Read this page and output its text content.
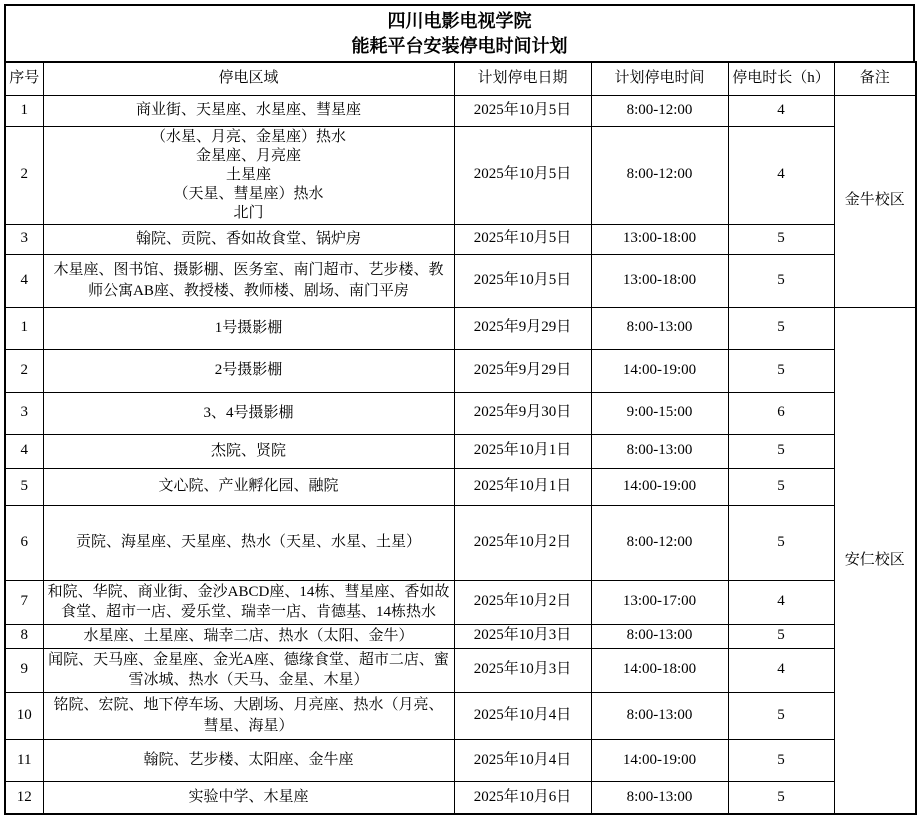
四川电影电视学院
能耗平台安装停电时间计划
序号	停电区域	计划停电日期	计划停电时间	停电时长（h）	备注
1	商业街、天星座、水星座、彗星座	2025年10月5日	8:00-12:00	4	金牛校区
2	（水星、月亮、金星座）热水
金星座、月亮座
土星座
（天星、彗星座）热水
北门	2025年10月5日	8:00-12:00	4	
3	翰院、贡院、香如故食堂、锅炉房	2025年10月5日	13:00-18:00	5	
4	木星座、图书馆、摄影棚、医务室、南门超市、艺步楼、教师公寓AB座、教授楼、教师楼、剧场、南门平房	2025年10月5日	13:00-18:00	5	
1	1号摄影棚	2025年9月29日	8:00-13:00	5	安仁校区
2	2号摄影棚	2025年9月29日	14:00-19:00	5	
3	3、4号摄影棚	2025年9月30日	9:00-15:00	6	
4	杰院、贤院	2025年10月1日	8:00-13:00	5	
5	文心院、产业孵化园、融院	2025年10月1日	14:00-19:00	5	
6	贡院、海星座、天星座、热水（天星、水星、土星）	2025年10月2日	8:00-12:00	5	
7	和院、华院、商业街、金沙ABCD座、14栋、彗星座、香如故食堂、超市一店、爱乐堂、瑞幸一店、肯德基、14栋热水	2025年10月2日	13:00-17:00	4	
8	水星座、土星座、瑞幸二店、热水（太阳、金牛）	2025年10月3日	8:00-13:00	5	
9	闻院、天马座、金星座、金光A座、德缘食堂、超市二店、蜜雪冰城、热水（天马、金星、木星）	2025年10月3日	14:00-18:00	4	
10	铭院、宏院、地下停车场、大剧场、月亮座、热水（月亮、彗星、海星）	2025年10月4日	8:00-13:00	5	
11	翰院、艺步楼、太阳座、金牛座	2025年10月4日	14:00-19:00	5	
12	实验中学、木星座	2025年10月6日	8:00-13:00	5	
